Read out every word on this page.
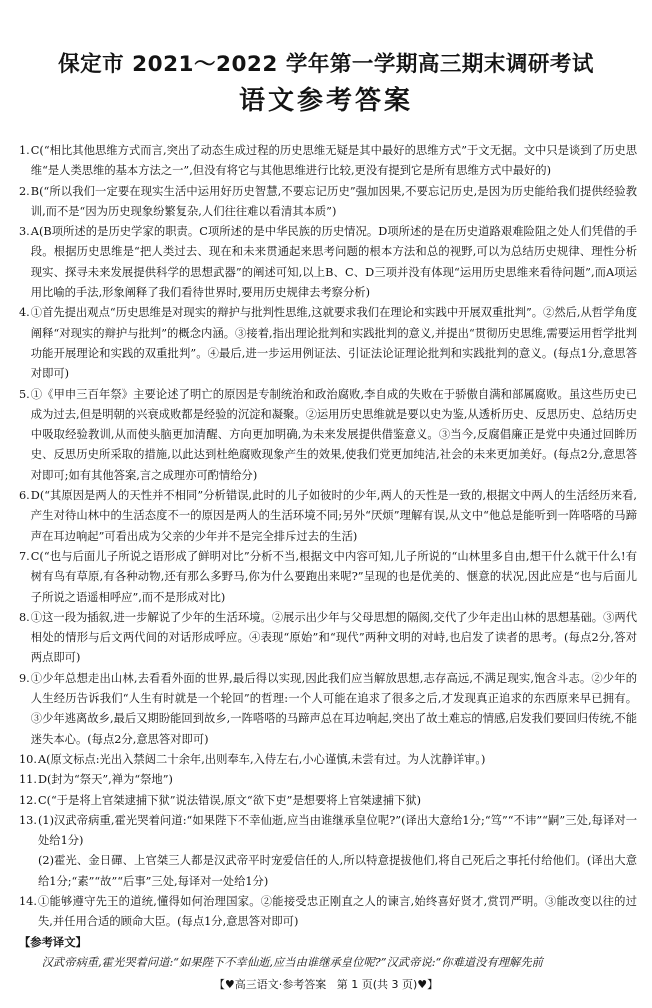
保定市 2021～2022 学年第一学期高三期末调研考试
语文参考答案
1. C(“相比其他思维方式而言,突出了动态生成过程的历史思维无疑是其中最好的思维方式”于文无据。文中只是谈到了历史思维“是人类思维的基本方法之一”,但没有将它与其他思维进行比较,更没有提到它是所有思维方式中最好的)

2. B(“所以我们一定要在现实生活中运用好历史智慧,不要忘记历史”强加因果,不要忘记历史,是因为历史能给我们提供经验教训,而不是“因为历史现象纷繁复杂,人们往往难以看清其本质”)

3. A(B项所述的是历史学家的职责。C项所述的是中华民族的历史情况。D项所述的是在历史道路艰难险阻之处人们凭借的手段。根据历史思维是“把人类过去、现在和未来贯通起来思考问题的根本方法和总的视野,可以为总结历史规律、理性分析现实、探寻未来发展提供科学的思想武器”的阐述可知,以上B、C、D三项并没有体现“运用历史思维来看待问题”,而A项运用比喻的手法,形象阐释了我们看待世界时,要用历史规律去考察分析)

4. ①首先提出观点“历史思维是对现实的辩护与批判性思维,这就要求我们在理论和实践中开展双重批判”。②然后,从哲学角度阐释“对现实的辩护与批判”的概念内涵。③接着,指出理论批判和实践批判的意义,并提出“贯彻历史思维,需要运用哲学批判功能开展理论和实践的双重批判”。④最后,进一步运用例证法、引证法论证理论批判和实践批判的意义。(每点1分,意思答对即可)

5. ①《甲申三百年祭》主要论述了明亡的原因是专制统治和政治腐败,李自成的失败在于骄傲自满和部属腐败。虽这些历史已成为过去,但是明朝的兴衰成败都是经验的沉淀和凝聚。②运用历史思维就是要以史为鉴,从透析历史、反思历史、总结历史中吸取经验教训,从而使头脑更加清醒、方向更加明确,为未来发展提供借鉴意义。③当今,反腐倡廉正是党中央通过回眸历史、反思历史所采取的措施,以此达到杜绝腐败现象产生的效果,使我们党更加纯洁,社会的未来更加美好。(每点2分,意思答对即可;如有其他答案,言之成理亦可酌情给分)

6. D(“其原因是两人的天性并不相同”分析错误,此时的儿子如彼时的少年,两人的天性是一致的,根据文中两人的生活经历来看,产生对待山林中的生活态度不一的原因是两人的生活环境不同;另外“厌烦”理解有误,从文中“他总是能听到一阵嗒嗒的马蹄声在耳边响起”可看出成为父亲的少年并不是完全排斥过去的生活)

7. C(“也与后面儿子所说之语形成了鲜明对比”分析不当,根据文中内容可知,儿子所说的“山林里多自由,想干什么就干什么!有树有鸟有草原,有各种动物,还有那么多野马,你为什么要跑出来呢?”呈现的也是优美的、惬意的状况,因此应是“也与后面儿子所说之语遥相呼应”,而不是形成对比)

8. ①这一段为插叙,进一步解说了少年的生活环境。②展示出少年与父母思想的隔阂,交代了少年走出山林的思想基础。③两代相处的情形与后文两代间的对话形成呼应。④表现“原始”和“现代”两种文明的对峙,也启发了读者的思考。(每点2分,答对两点即可)

9. ①少年总想走出山林,去看看外面的世界,最后得以实现,因此我们应当解放思想,志存高远,不满足现实,饱含斗志。②少年的人生经历告诉我们“人生有时就是一个轮回”的哲理:一个人可能在追求了很多之后,才发现真正追求的东西原来早已拥有。③少年逃离故乡,最后又期盼能回到故乡,一阵嗒嗒的马蹄声总在耳边响起,突出了故土难忘的情感,启发我们要回归传统,不能迷失本心。(每点2分,意思答对即可)

10. A(原文标点:光出入禁闼二十余年,出则奉车,入侍左右,小心谨慎,未尝有过。为人沈静详审。)

11. D(封为“祭天”,禅为“祭地”)

12. C(“于是将上官桀逮捕下狱”说法错误,原文“欲下吏”是想要将上官桀逮捕下狱)

13. (1)汉武帝病重,霍光哭着问道:“如果陛下不幸仙逝,应当由谁继承皇位呢?”(译出大意给1分;“笃”“不讳”“嗣”三处,每译对一处给1分)

(2)霍光、金日磾、上官桀三人都是汉武帝平时宠爱信任的人,所以特意提拔他们,将自己死后之事托付给他们。(译出大意给1分;“素”“故”“后事”三处,每译对一处给1分)

14. ①能够遵守先王的道统,懂得如何治理国家。②能接受忠正刚直之人的谏言,始终喜好贤才,赏罚严明。③能改变以往的过失,并任用合适的顾命大臣。(每点1分,意思答对即可)

【参考译文】

汉武帝病重,霍光哭着问道:“如果陛下不幸仙逝,应当由谁继承皇位呢?”汉武帝说:“你难道没有理解先前

【♥高三语文·参考答案 第 1 页(共 3 页)♥】
